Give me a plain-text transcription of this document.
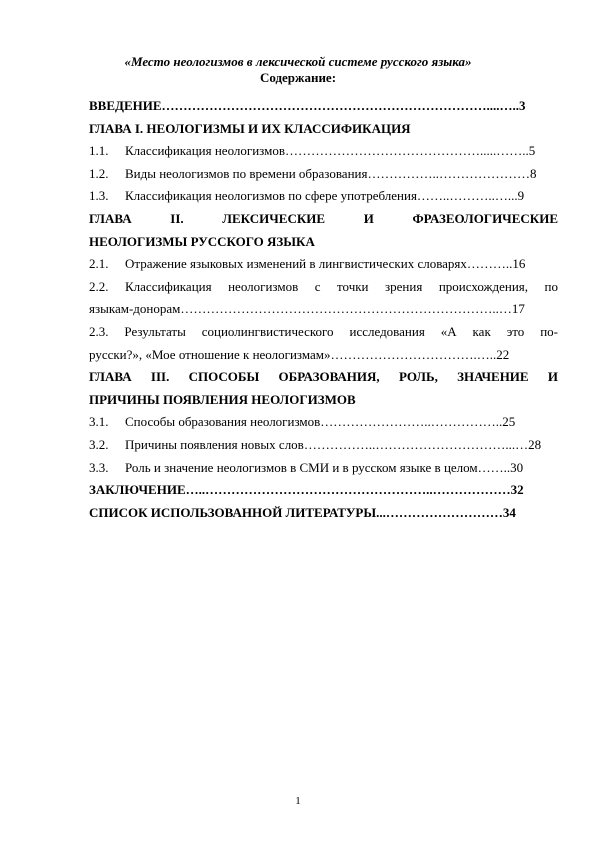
«Место неологизмов в лексической системе русского языка»
Содержание:
ВВЕДЕНИЕ…………………………………………………………………....…..3
ГЛАВА I. НЕОЛОГИЗМЫ И ИХ КЛАССИФИКАЦИЯ
1.1. Классификация неологизмов……………………………………….....……..5
1.2. Виды неологизмов по времени образования……………..…………………8
1.3. Классификация неологизмов по сфере употребления……..………..…...9
ГЛАВА II. ЛЕКСИЧЕСКИЕ И ФРАЗЕОЛОГИЧЕСКИЕ
НЕОЛОГИЗМЫ РУССКОГО ЯЗЫКА
2.1. Отражение языковых изменений в лингвистических словарях………..16
2.2. Классификация неологизмов с точки зрения происхождения, по
языкам-донорам………………………………………………………………..…17
2.3. Результаты социолингвистического исследования «А как это по-
русски?», «Мое отношение к неологизмам»…………………………….…..22
ГЛАВА III. СПОСОБЫ ОБРАЗОВАНИЯ, РОЛЬ, ЗНАЧЕНИЕ И
ПРИЧИНЫ ПОЯВЛЕНИЯ НЕОЛОГИЗМОВ
3.1. Способы образования неологизмов……………………..……………..25
3.2. Причины появления новых слов……………..…………………………...…28
3.3. Роль и значение неологизмов в СМИ и в русском языке в целом……..30
ЗАКЛЮЧЕНИЕ…..……………………………………………..………………32
СПИСОК ИСПОЛЬЗОВАННОЙ ЛИТЕРАТУРЫ...………………………34
1
